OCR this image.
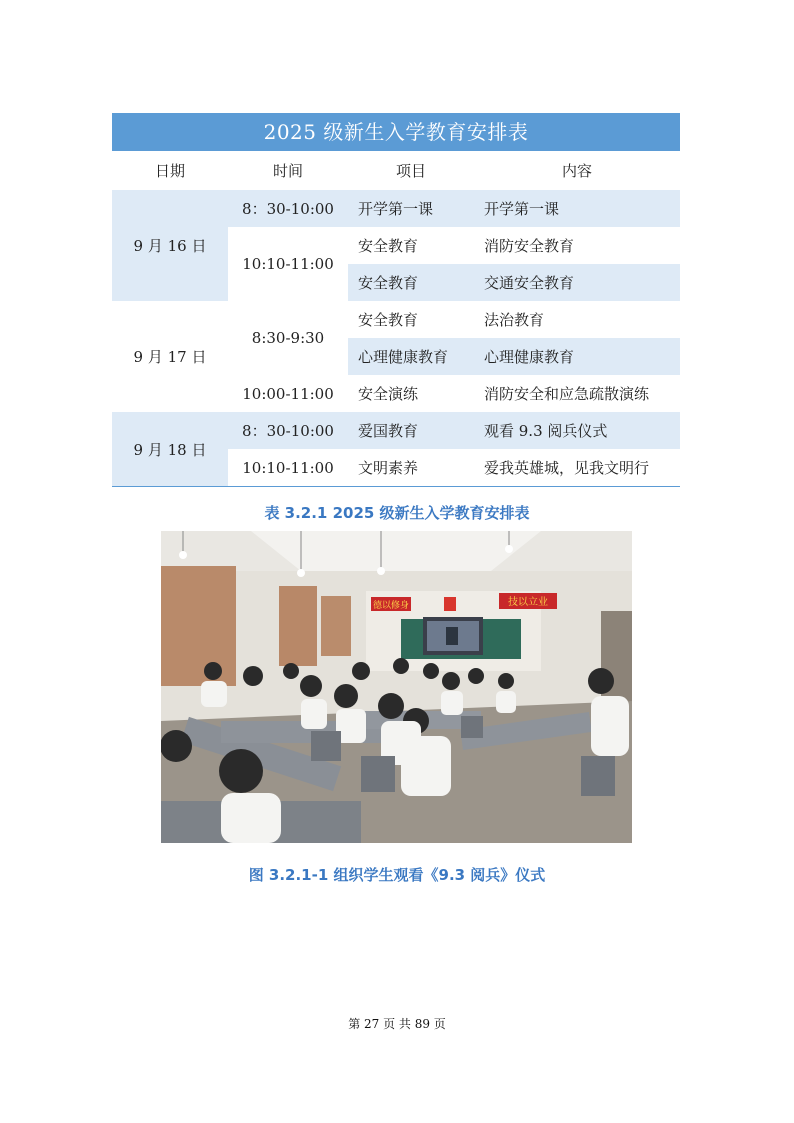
2025 级新生入学教育安排表
日期	时间	项目	内容
9 月 16 日	8：30-10:00	开学第一课	开学第一课
	10:10-11:00	安全教育	消防安全教育
		安全教育	交通安全教育
9 月 17 日	8:30-9:30	安全教育	法治教育
		心理健康教育	心理健康教育
	10:00-11:00	安全演练	消防安全和应急疏散演练
9 月 18 日	8：30-10:00	爱国教育	观看 9.3 阅兵仪式
	10:10-11:00	文明素养	爱我英雄城，见我文明行
表 3.2.1 2025 级新生入学教育安排表
德以修身	技以立业
图 3.2.1-1 组织学生观看《9.3 阅兵》仪式
第 27 页 共 89 页
